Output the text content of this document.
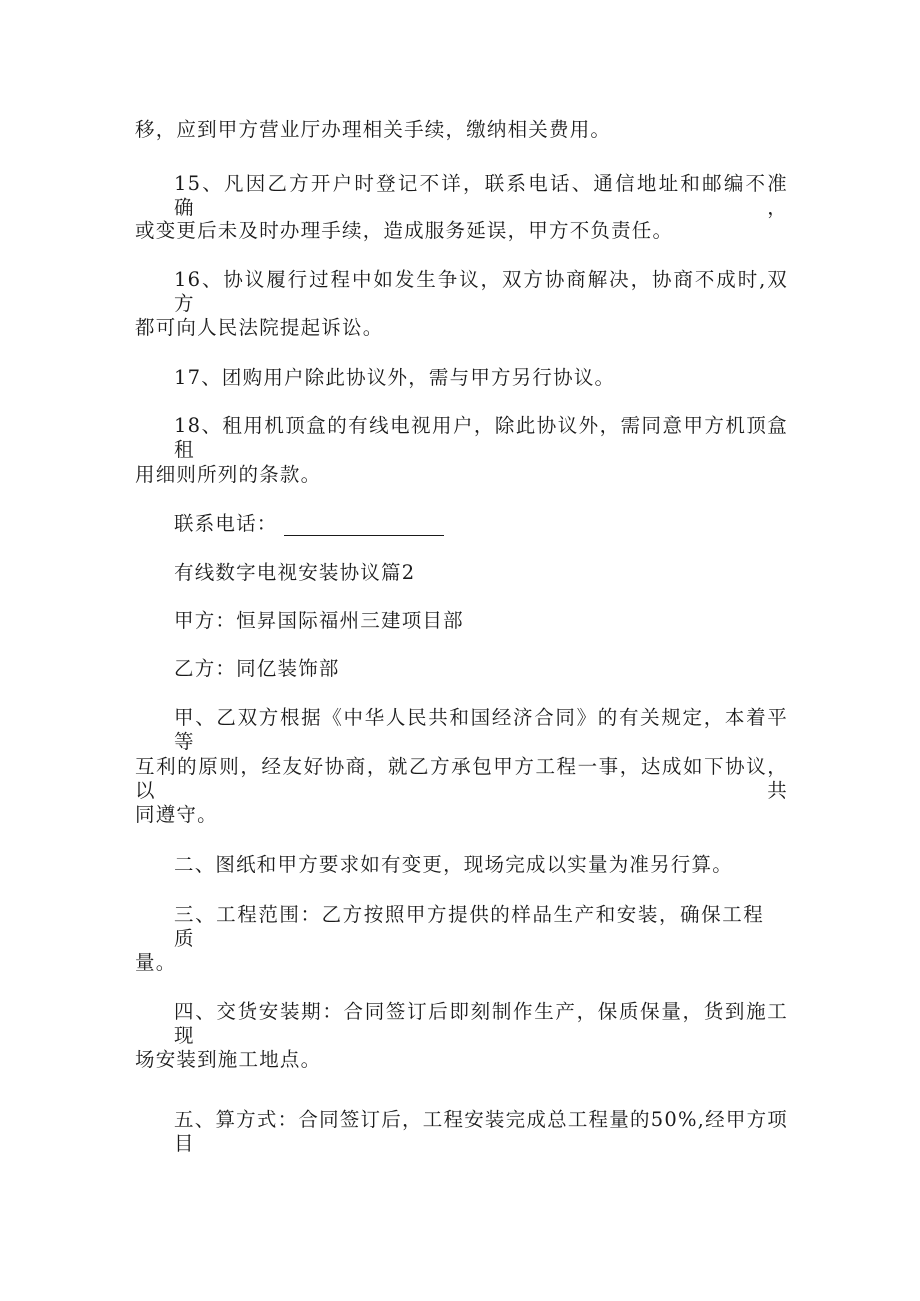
移，应到甲方营业厅办理相关手续，缴纳相关费用。
15、凡因乙方开户时登记不详，联系电话、通信地址和邮编不准确，
或变更后未及时办理手续，造成服务延误，甲方不负责任。
16、协议履行过程中如发生争议，双方协商解决，协商不成时,双方
都可向人民法院提起诉讼。
17、团购用户除此协议外，需与甲方另行协议。
18、租用机顶盒的有线电视用户，除此协议外，需同意甲方机顶盒租
用细则所列的条款。
联系电话：
有线数字电视安装协议篇2
甲方：恒昇国际福州三建项目部
乙方：同亿装饰部
甲、乙双方根据《中华人民共和国经济合同》的有关规定，本着平等
互利的原则，经友好协商，就乙方承包甲方工程一事，达成如下协议，以共
同遵守。
二、图纸和甲方要求如有变更，现场完成以实量为准另行算。
三、工程范围：乙方按照甲方提供的样品生产和安装，确保工程质
量。
四、交货安装期：合同签订后即刻制作生产，保质保量，货到施工现
场安装到施工地点。
五、算方式：合同签订后，工程安装完成总工程量的50%,经甲方项目
